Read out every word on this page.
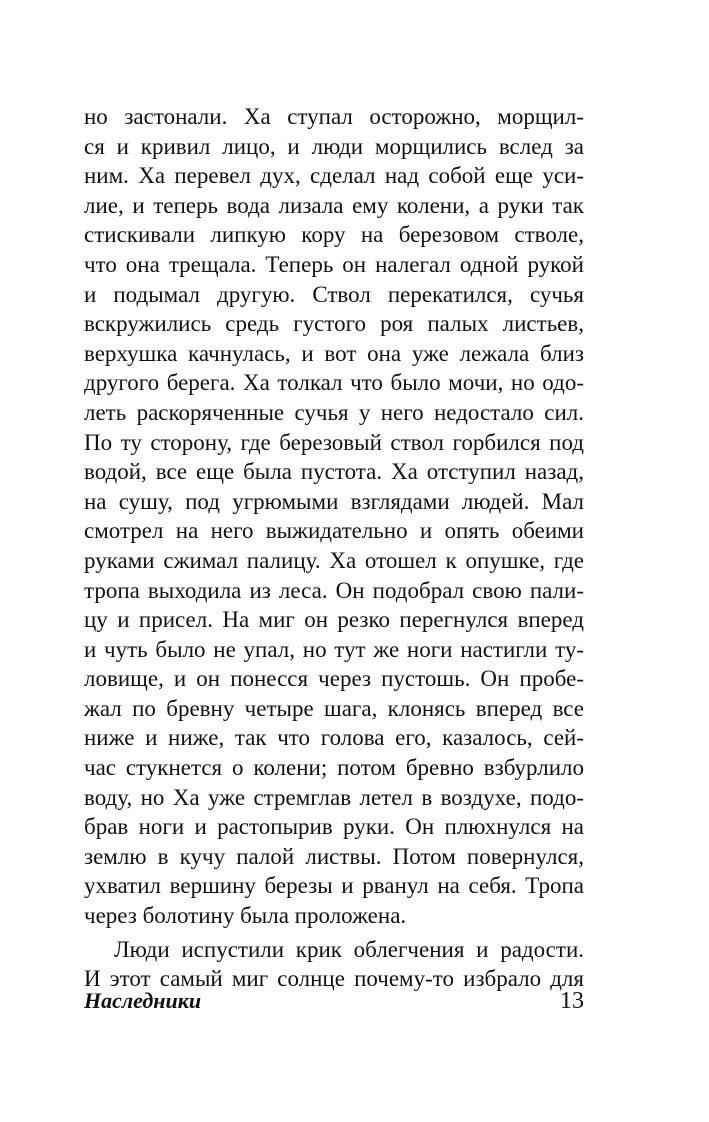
но застонали. Ха ступал осторожно, морщил-
ся и кривил лицо, и люди морщились вслед за
ним. Ха перевел дух, сделал над собой еще уси-
лие, и теперь вода лизала ему колени, а руки так
стискивали липкую кору на березовом стволе,
что она трещала. Теперь он налегал одной рукой
и подымал другую. Ствол перекатился, сучья
вскружились средь густого роя палых листьев,
верхушка качнулась, и вот она уже лежала близ
другого берега. Ха толкал что было мочи, но одо-
леть раскоряченные сучья у него недостало сил.
По ту сторону, где березовый ствол горбился под
водой, все еще была пустота. Ха отступил назад,
на сушу, под угрюмыми взглядами людей. Мал
смотрел на него выжидательно и опять обеими
руками сжимал палицу. Ха отошел к опушке, где
тропа выходила из леса. Он подобрал свою пали-
цу и присел. На миг он резко перегнулся вперед
и чуть было не упал, но тут же ноги настигли ту-
ловище, и он понесся через пустошь. Он пробе-
жал по бревну четыре шага, клонясь вперед все
ниже и ниже, так что голова его, казалось, сей-
час стукнется о колени; потом бревно взбурлило
воду, но Ха уже стремглав летел в воздухе, подо-
брав ноги и растопырив руки. Он плюхнулся на
землю в кучу палой листвы. Потом повернулся,
ухватил вершину березы и рванул на себя. Тропа
через болотину была проложена.
Люди испустили крик облегчения и радости.
И этот самый миг солнце почему-то избрало для
Наследники	13
